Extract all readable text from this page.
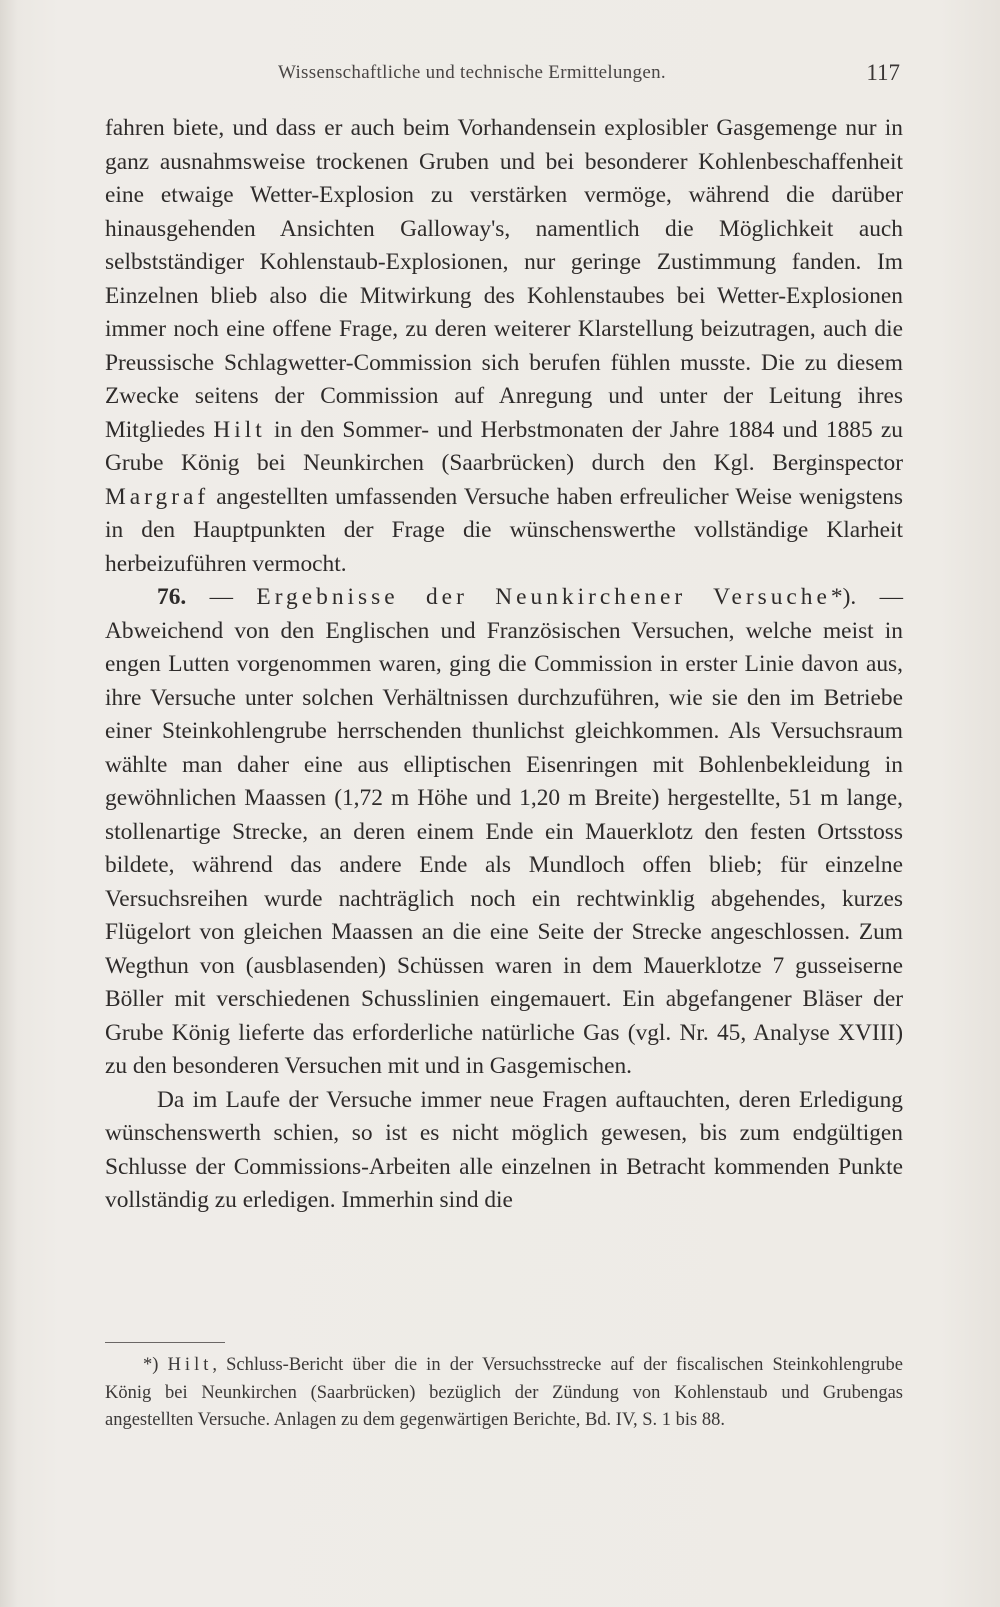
Wissenschaftliche und technische Ermittelungen.	117

fahren biete, und dass er auch beim Vorhandensein explosibler Gasgemenge nur in ganz ausnahmsweise trockenen Gruben und bei besonderer Kohlenbeschaffenheit eine etwaige Wetter-Explosion zu verstärken vermöge, während die darüber hinausgehenden Ansichten Galloway's, namentlich die Möglichkeit auch selbstständiger Kohlenstaub-Explosionen, nur geringe Zustimmung fanden. Im Einzelnen blieb also die Mitwirkung des Kohlenstaubes bei Wetter-Explosionen immer noch eine offene Frage, zu deren weiterer Klarstellung beizutragen, auch die Preussische Schlagwetter-Commission sich berufen fühlen musste. Die zu diesem Zwecke seitens der Commission auf Anregung und unter der Leitung ihres Mitgliedes Hilt in den Sommer- und Herbstmonaten der Jahre 1884 und 1885 zu Grube König bei Neunkirchen (Saarbrücken) durch den Kgl. Berginspector Margraf angestellten umfassenden Versuche haben erfreulicher Weise wenigstens in den Hauptpunkten der Frage die wünschenswerthe vollständige Klarheit herbeizuführen vermocht.

76. — Ergebnisse der Neunkirchener Versuche*). — Abweichend von den Englischen und Französischen Versuchen, welche meist in engen Lutten vorgenommen waren, ging die Commission in erster Linie davon aus, ihre Versuche unter solchen Verhältnissen durchzuführen, wie sie den im Betriebe einer Steinkohlengrube herrschenden thunlichst gleichkommen. Als Versuchsraum wählte man daher eine aus elliptischen Eisenringen mit Bohlenbekleidung in gewöhnlichen Maassen (1,72 m Höhe und 1,20 m Breite) hergestellte, 51 m lange, stollenartige Strecke, an deren einem Ende ein Mauerklotz den festen Ortsstoss bildete, während das andere Ende als Mundloch offen blieb; für einzelne Versuchsreihen wurde nachträglich noch ein rechtwinklig abgehendes, kurzes Flügelort von gleichen Maassen an die eine Seite der Strecke angeschlossen. Zum Wegthun von (ausblasenden) Schüssen waren in dem Mauerklotze 7 gusseiserne Böller mit verschiedenen Schusslinien eingemauert. Ein abgefangener Bläser der Grube König lieferte das erforderliche natürliche Gas (vgl. Nr. 45, Analyse XVIII) zu den besonderen Versuchen mit und in Gasgemischen.

Da im Laufe der Versuche immer neue Fragen auftauchten, deren Erledigung wünschenswerth schien, so ist es nicht möglich gewesen, bis zum endgültigen Schlusse der Commissions-Arbeiten alle einzelnen in Betracht kommenden Punkte vollständig zu erledigen. Immerhin sind die

*) Hilt, Schluss-Bericht über die in der Versuchsstrecke auf der fiscalischen Steinkohlengrube König bei Neunkirchen (Saarbrücken) bezüglich der Zündung von Kohlenstaub und Grubengas angestellten Versuche. Anlagen zu dem gegenwärtigen Berichte, Bd. IV, S. 1 bis 88.
